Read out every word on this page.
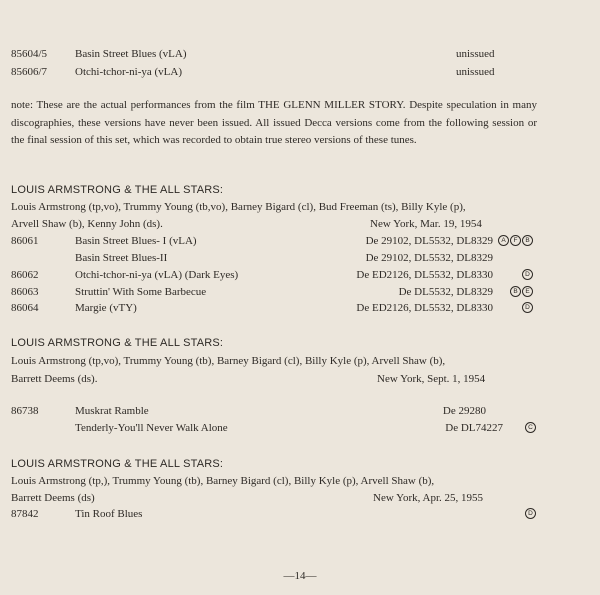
85604/5	Basin Street Blues (vLA)	unissued
85606/7	Otchi-tchor-ni-ya (vLA)	unissued
note: These are the actual performances from the film THE GLENN MILLER STORY. Despite speculation in many discographies, these versions have never been issued. All issued Decca versions come from the following session or the final session of this set, which was recorded to obtain true stereo versions of these tunes.
LOUIS ARMSTRONG & THE ALL STARS:
Louis Armstrong (tp,vo), Trummy Young (tb,vo), Barney Bigard (cl), Bud Freeman (ts), Billy Kyle (p),
Arvell Shaw (b), Kenny John (ds).	New York, Mar. 19, 1954
86061	Basin Street Blues- I (vLA)	De 29102, DL5532, DL8329	A F B
Basin Street Blues-II	De 29102, DL5532, DL8329
86062	Otchi-tchor-ni-ya (vLA) (Dark Eyes)	De ED2126, DL5532, DL8330	D
86063	Struttin' With Some Barbecue	De DL5532, DL8329	B E
86064	Margie (vTY)	De ED2126, DL5532, DL8330	D
LOUIS ARMSTRONG & THE ALL STARS:
Louis Armstrong (tp,vo), Trummy Young (tb), Barney Bigard (cl), Billy Kyle (p), Arvell Shaw (b),
Barrett Deems (ds).	New York, Sept. 1, 1954
86738	Muskrat Ramble	De 29280
Tenderly-You'll Never Walk Alone	De DL74227	C
LOUIS ARMSTRONG & THE ALL STARS:
Louis Armstrong (tp,), Trummy Young (tb), Barney Bigard (cl), Billy Kyle (p), Arvell Shaw (b),
Barrett Deems (ds)	New York, Apr. 25, 1955
87842	Tin Roof Blues	D
—14—
